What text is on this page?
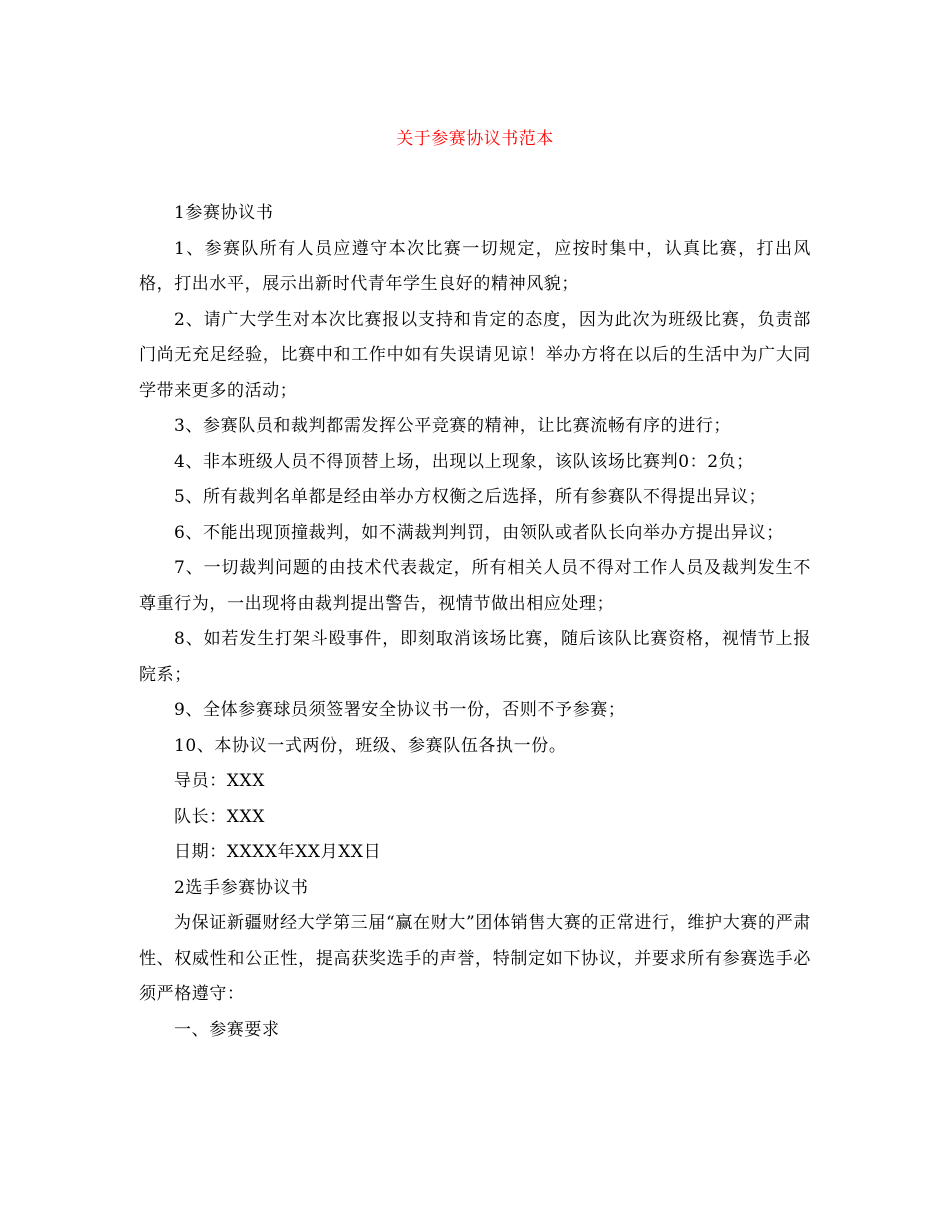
关于参赛协议书范本

1参赛协议书

1、参赛队所有人员应遵守本次比赛一切规定，应按时集中，认真比赛，打出风格，打出水平，展示出新时代青年学生良好的精神风貌；

2、请广大学生对本次比赛报以支持和肯定的态度，因为此次为班级比赛，负责部门尚无充足经验，比赛中和工作中如有失误请见谅！举办方将在以后的生活中为广大同学带来更多的活动；

3、参赛队员和裁判都需发挥公平竞赛的精神，让比赛流畅有序的进行；

4、非本班级人员不得顶替上场，出现以上现象，该队该场比赛判0：2负；

5、所有裁判名单都是经由举办方权衡之后选择，所有参赛队不得提出异议；

6、不能出现顶撞裁判，如不满裁判判罚，由领队或者队长向举办方提出异议；

7、一切裁判问题的由技术代表裁定，所有相关人员不得对工作人员及裁判发生不尊重行为，一出现将由裁判提出警告，视情节做出相应处理；

8、如若发生打架斗殴事件，即刻取消该场比赛，随后该队比赛资格，视情节上报院系；

9、全体参赛球员须签署安全协议书一份，否则不予参赛；

10、本协议一式两份，班级、参赛队伍各执一份。

导员：XXX

队长：XXX

日期：XXXX年XX月XX日

2选手参赛协议书

为保证新疆财经大学第三届“赢在财大”团体销售大赛的正常进行，维护大赛的严肃性、权威性和公正性，提高获奖选手的声誉，特制定如下协议，并要求所有参赛选手必须严格遵守：

一、参赛要求
